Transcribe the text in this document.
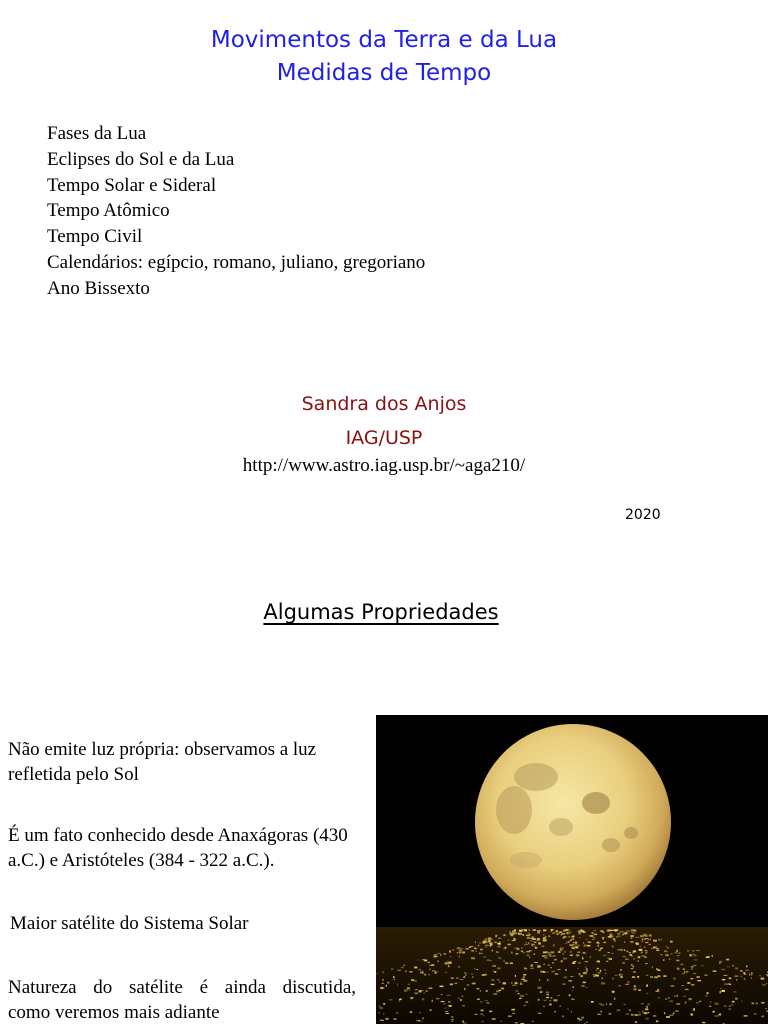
Movimentos da Terra e da Lua
Medidas de Tempo
Fases da Lua
Eclipses do Sol e da Lua
Tempo Solar e Sideral
Tempo Atômico
Tempo Civil
Calendários: egípcio, romano, juliano, gregoriano
Ano Bissexto
Sandra dos Anjos
IAG/USP
http://www.astro.iag.usp.br/~aga210/
2020
Algumas Propriedades
Não emite luz própria: observamos a luz refletida pelo Sol
É um fato conhecido desde Anaxágoras (430 a.C.) e Aristóteles (384 - 322 a.C.).
Maior satélite do Sistema Solar
Natureza do satélite é ainda discutida,
como veremos mais adiante
